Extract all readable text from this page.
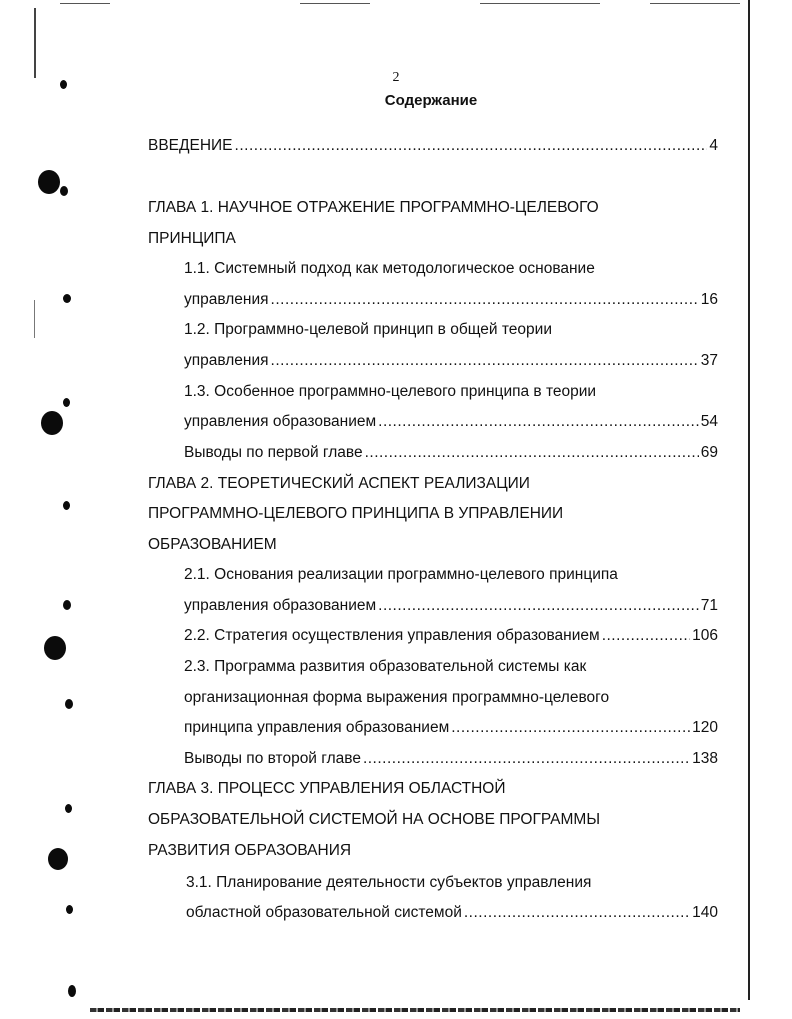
2
Содержание
ВВЕДЕНИЕ .....	4
ГЛАВА 1. НАУЧНОЕ ОТРАЖЕНИЕ ПРОГРАММНО-ЦЕЛЕВОГО
ПРИНЦИПА
1.1. Системный подход как методологическое основание
управления .....	16
1.2. Программно-целевой принцип в общей теории
управления .....	37
1.3. Особенное программно-целевого принципа в теории
управления образованием .....	54
Выводы по первой главе .....	69
ГЛАВА 2. ТЕОРЕТИЧЕСКИЙ АСПЕКТ РЕАЛИЗАЦИИ
ПРОГРАММНО-ЦЕЛЕВОГО ПРИНЦИПА В УПРАВЛЕНИИ
ОБРАЗОВАНИЕМ
2.1. Основания реализации программно-целевого принципа
управления образованием .....	71
2.2. Стратегия осуществления управления образованием .....	106
2.3. Программа развития образовательной системы как
организационная форма выражения программно-целевого
принципа управления образованием .....	120
Выводы по второй главе .....	138
ГЛАВА 3. ПРОЦЕСС УПРАВЛЕНИЯ ОБЛАСТНОЙ
ОБРАЗОВАТЕЛЬНОЙ СИСТЕМОЙ НА ОСНОВЕ ПРОГРАММЫ
РАЗВИТИЯ ОБРАЗОВАНИЯ
3.1. Планирование деятельности субъектов управления
областной образовательной системой .....	140
